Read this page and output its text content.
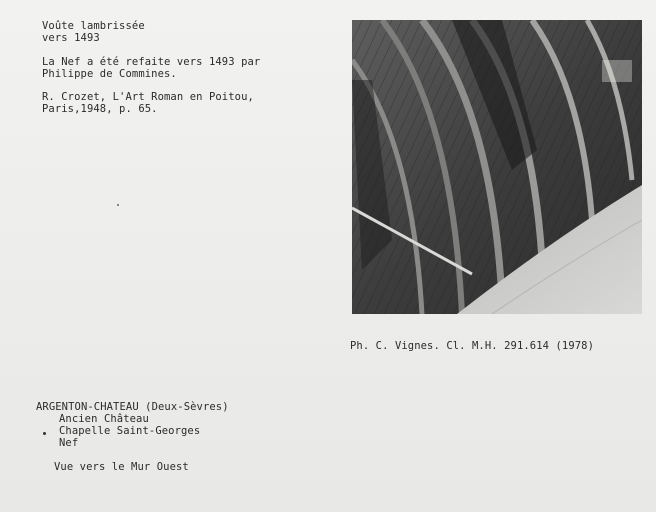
Voûte lambrissée
vers 1493
La Nef a été refaite vers 1493 par
Philippe de Commines.
R. Crozet, L'Art Roman en Poitou,
Paris,1948, p. 65.
Ph. C. Vignes. Cl. M.H. 291.614 (1978)
ARGENTON-CHATEAU (Deux-Sèvres)
Ancien Château
Chapelle Saint-Georges
Nef
Vue vers le Mur Ouest
